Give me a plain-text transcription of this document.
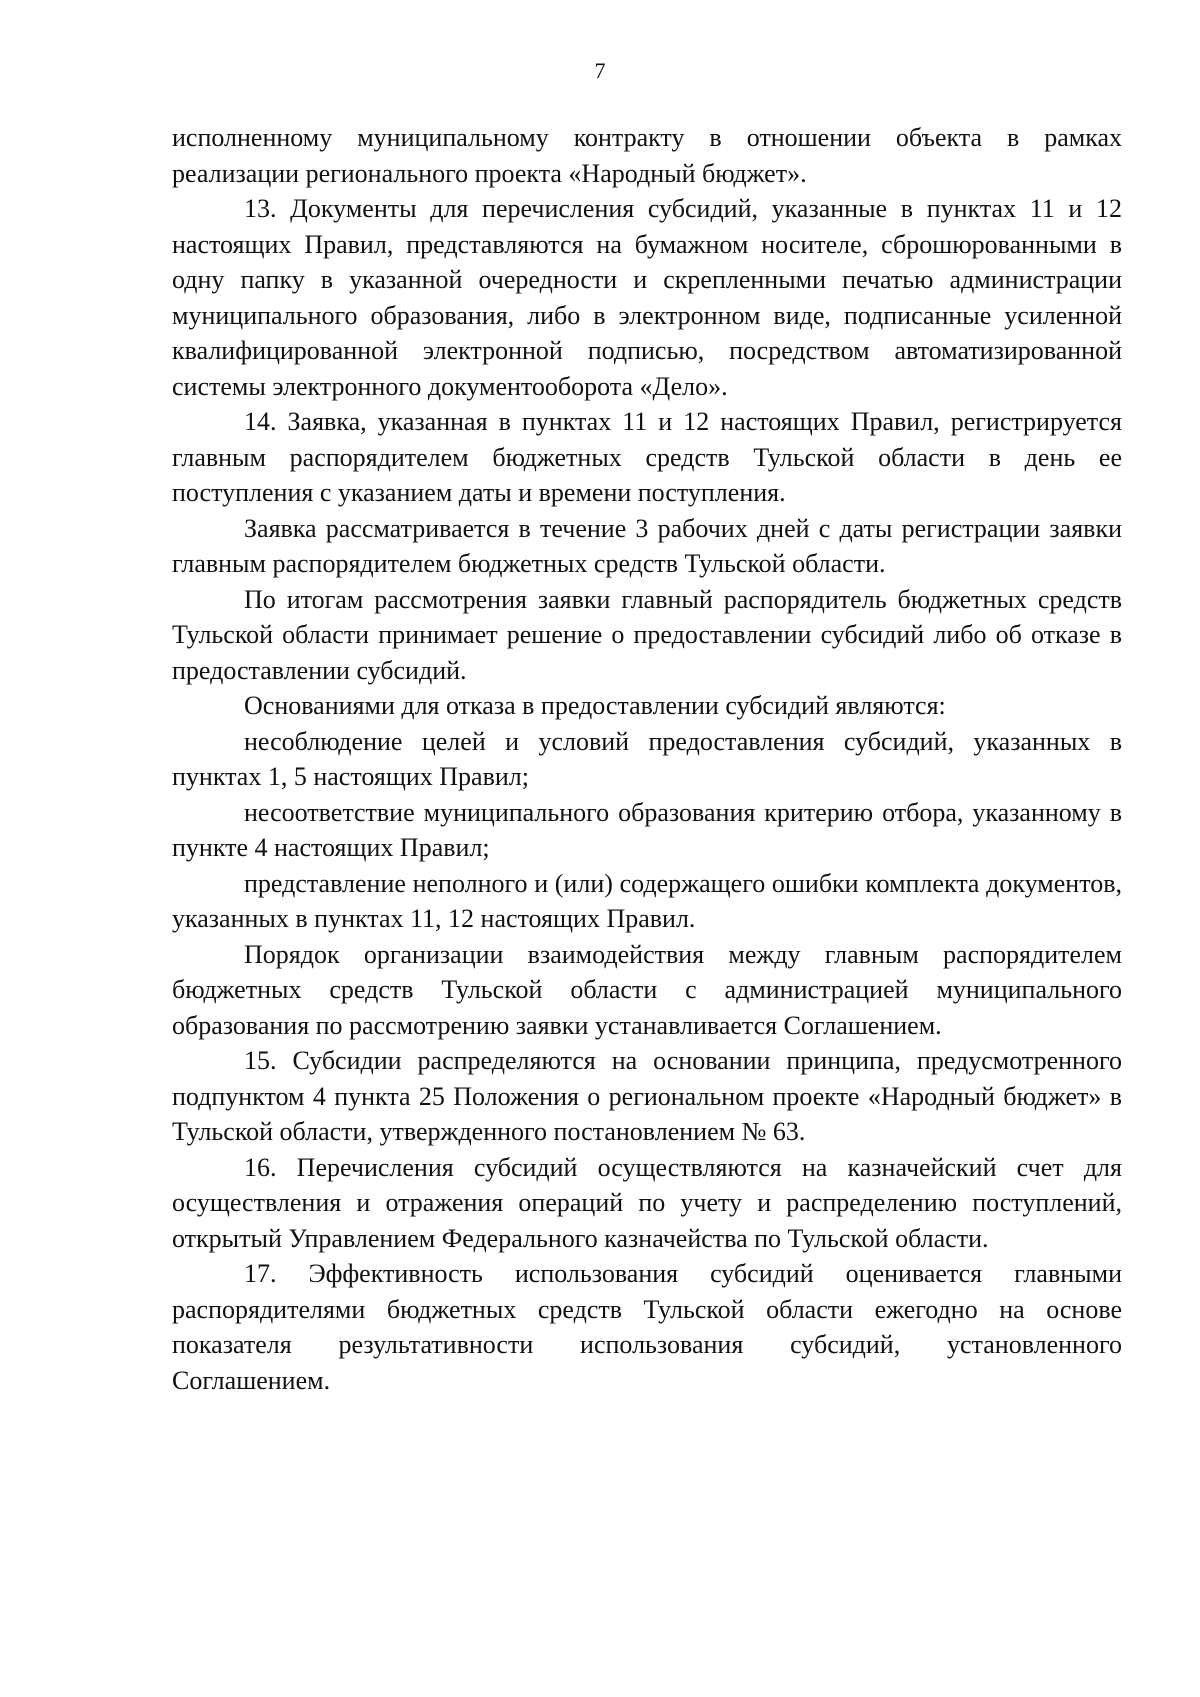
7

исполненному муниципальному контракту в отношении объекта в рамках реализации регионального проекта «Народный бюджет».

13. Документы для перечисления субсидий, указанные в пунктах 11 и 12 настоящих Правил, представляются на бумажном носителе, сброшюрованными в одну папку в указанной очередности и скрепленными печатью администрации муниципального образования, либо в электронном виде, подписанные усиленной квалифицированной электронной подписью, посредством автоматизированной системы электронного документооборота «Дело».

14. Заявка, указанная в пунктах 11 и 12 настоящих Правил, регистрируется главным распорядителем бюджетных средств Тульской области в день ее поступления с указанием даты и времени поступления.

Заявка рассматривается в течение 3 рабочих дней с даты регистрации заявки главным распорядителем бюджетных средств Тульской области.

По итогам рассмотрения заявки главный распорядитель бюджетных средств Тульской области принимает решение о предоставлении субсидий либо об отказе в предоставлении субсидий.

Основаниями для отказа в предоставлении субсидий являются:

несоблюдение целей и условий предоставления субсидий, указанных в пунктах 1, 5 настоящих Правил;

несоответствие муниципального образования критерию отбора, указанному в пункте 4 настоящих Правил;

представление неполного и (или) содержащего ошибки комплекта документов, указанных в пунктах 11, 12 настоящих Правил.

Порядок организации взаимодействия между главным распорядителем бюджетных средств Тульской области с администрацией муниципального образования по рассмотрению заявки устанавливается Соглашением.

15. Субсидии распределяются на основании принципа, предусмотренного подпунктом 4 пункта 25 Положения о региональном проекте «Народный бюджет» в Тульской области, утвержденного постановлением № 63.

16. Перечисления субсидий осуществляются на казначейский счет для осуществления и отражения операций по учету и распределению поступлений, открытый Управлением Федерального казначейства по Тульской области.

17. Эффективность использования субсидий оценивается главными распорядителями бюджетных средств Тульской области ежегодно на основе показателя результативности использования субсидий, установленного Соглашением.
